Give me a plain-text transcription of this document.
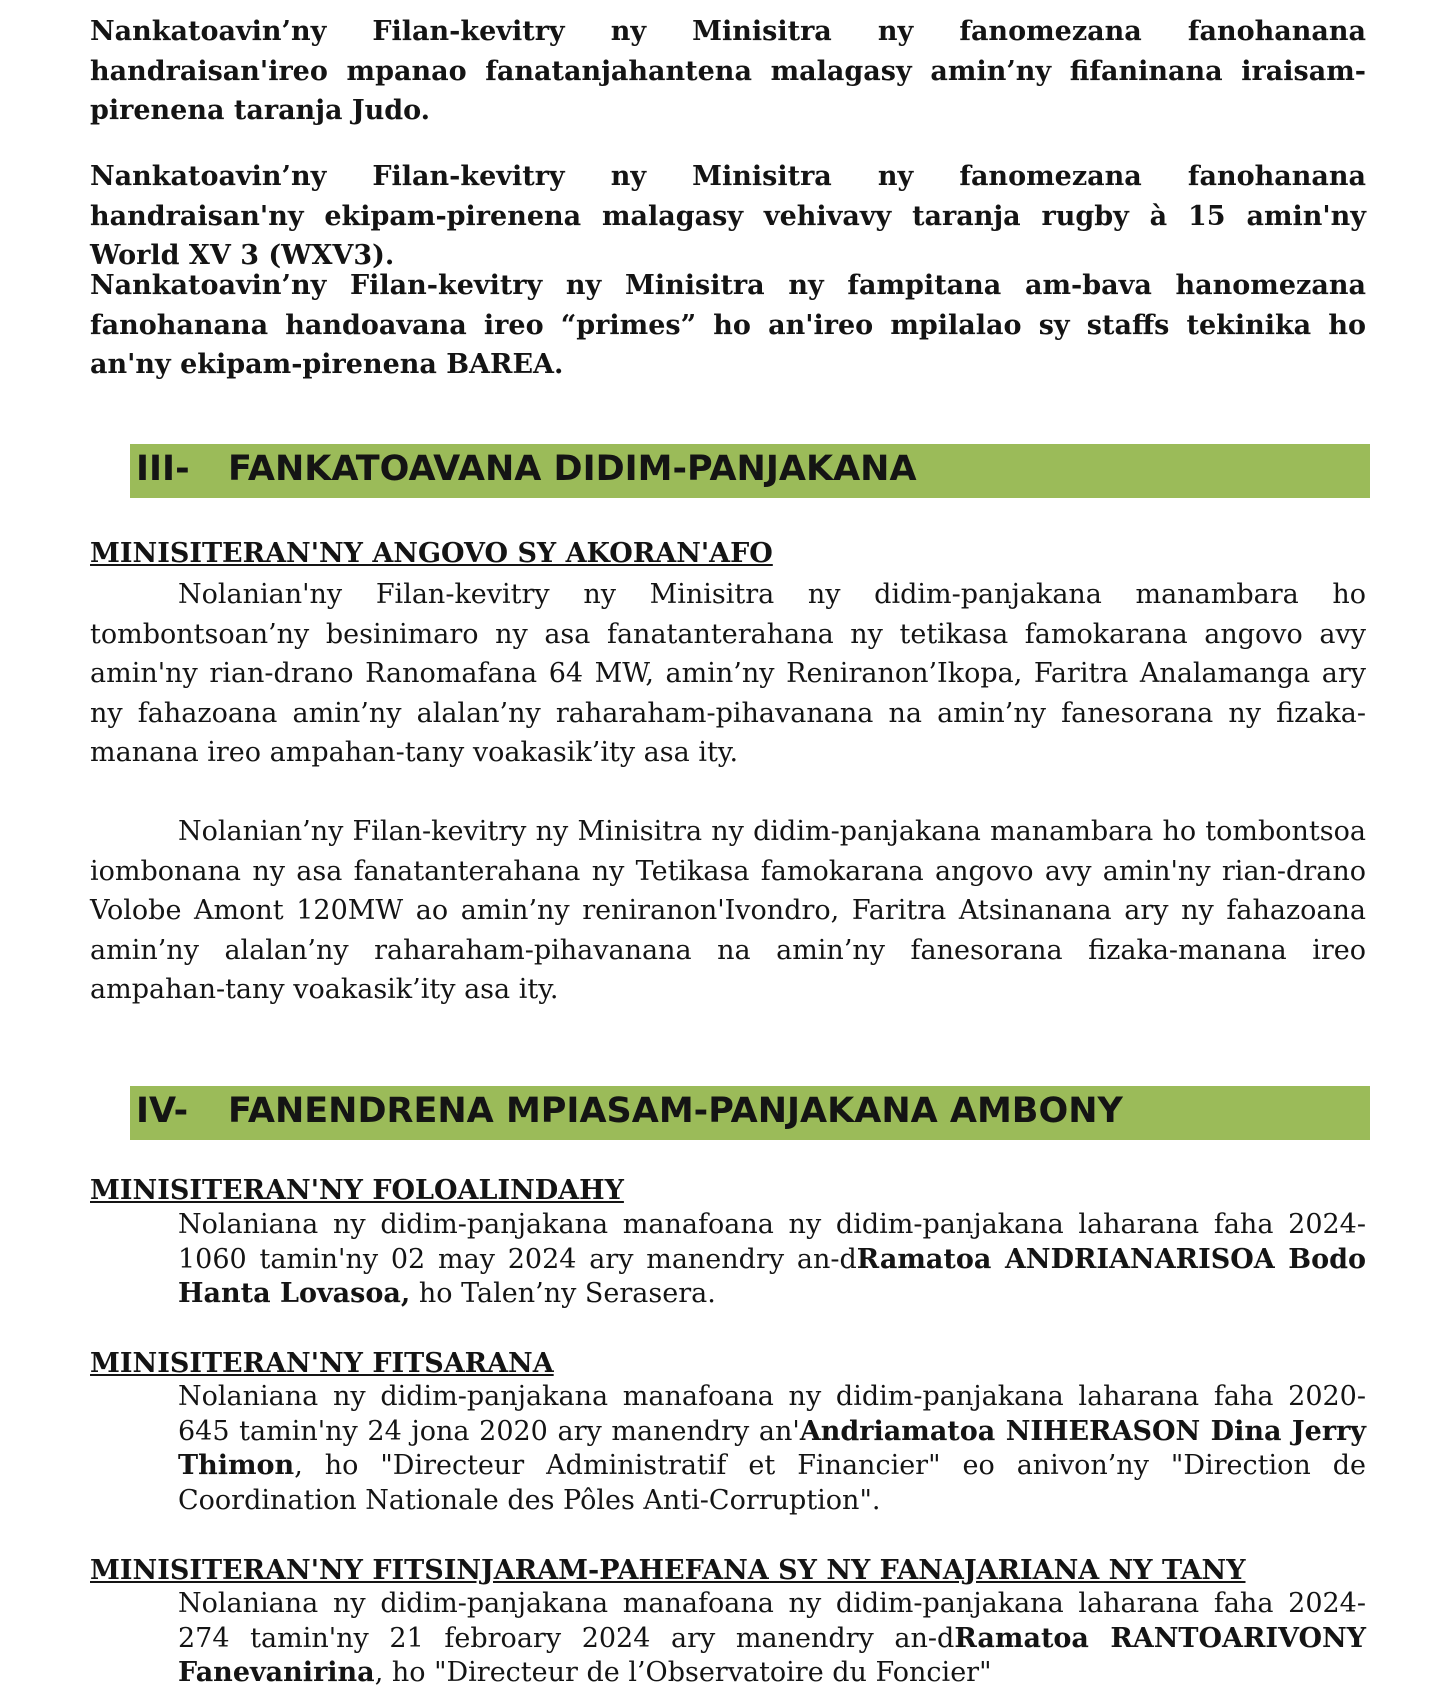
Nankatoavin’ny Filan-kevitry ny Minisitra ny fanomezana fanohanana handraisan'ireo mpanao fanatanjahantena malagasy amin’ny fifaninana iraisam-pirenena taranja Judo.

Nankatoavin’ny Filan-kevitry ny Minisitra ny fanomezana fanohanana handraisan'ny ekipam-pirenena malagasy vehivavy taranja rugby à 15 amin'ny World XV 3 (WXV3).

Nankatoavin’ny Filan-kevitry ny Minisitra ny fampitana am-bava hanomezana fanohanana handoavana ireo “primes” ho an'ireo mpilalao sy staffs tekinika ho an'ny ekipam-pirenena BAREA.

III- FANKATOAVANA DIDIM-PANJAKANA

MINISITERAN'NY ANGOVO SY AKORAN'AFO

Nolanian'ny Filan-kevitry ny Minisitra ny didim-panjakana manambara ho tombontsoan’ny besinimaro ny asa fanatanterahana ny tetikasa famokarana angovo avy amin'ny rian-drano Ranomafana 64 MW, amin’ny Reniranon’Ikopa, Faritra Analamanga ary ny fahazoana amin’ny alalan’ny raharaham-pihavanana na amin’ny fanesorana ny fizaka-manana ireo ampahan-tany voakasik’ity asa ity.

Nolanian’ny Filan-kevitry ny Minisitra ny didim-panjakana manambara ho tombontsoa iombonana ny asa fanatanterahana ny Tetikasa famokarana angovo avy amin'ny rian-drano Volobe Amont 120MW ao amin’ny reniranon'Ivondro, Faritra Atsinanana ary ny fahazoana amin’ny alalan’ny raharaham-pihavanana na amin’ny fanesorana fizaka-manana ireo ampahan-tany voakasik’ity asa ity.

IV- FANENDRENA MPIASAM-PANJAKANA AMBONY

MINISITERAN'NY FOLOALINDAHY

Nolaniana ny didim-panjakana manafoana ny didim-panjakana laharana faha 2024-1060 tamin'ny 02 may 2024 ary manendry an-dRamatoa ANDRIANARISOA Bodo Hanta Lovasoa, ho Talen’ny Serasera.

MINISITERAN'NY FITSARANA

Nolaniana ny didim-panjakana manafoana ny didim-panjakana laharana faha 2020-645 tamin'ny 24 jona 2020 ary manendry an'Andriamatoa NIHERASON Dina Jerry Thimon, ho "Directeur Administratif et Financier" eo anivon’ny "Direction de Coordination Nationale des Pôles Anti-Corruption".

MINISITERAN'NY FITSINJARAM-PAHEFANA SY NY FANAJARIANA NY TANY

Nolaniana ny didim-panjakana manafoana ny didim-panjakana laharana faha 2024-274 tamin'ny 21 febroary 2024 ary manendry an-dRamatoa RANTOARIVONY Fanevanirina, ho "Directeur de l’Observatoire du Foncier"
